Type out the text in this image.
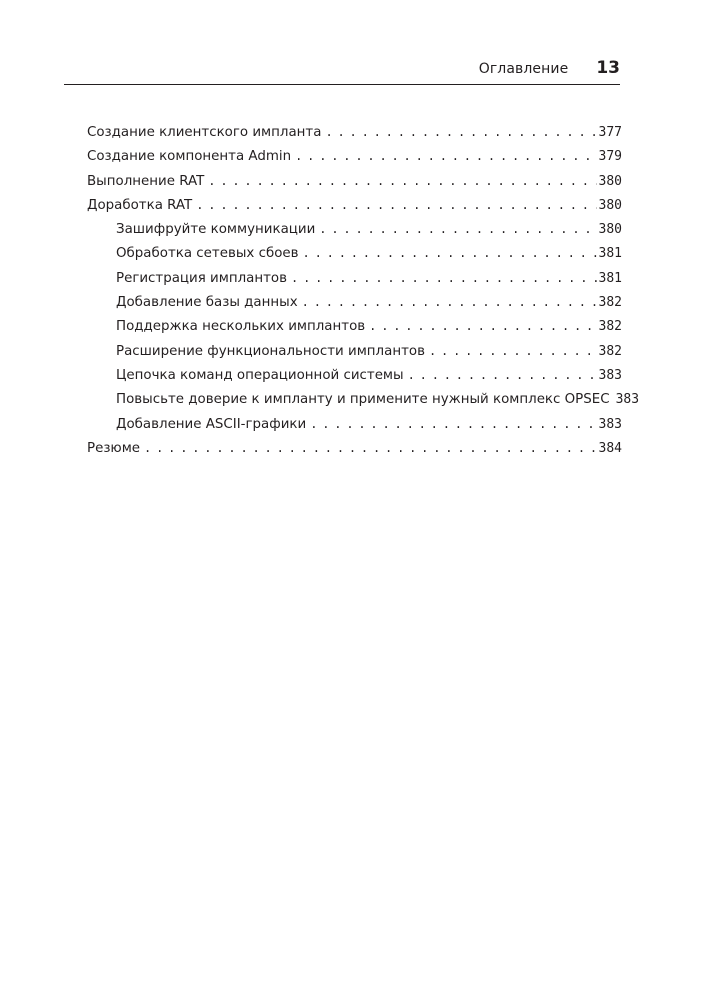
Оглавление 13
Создание клиентского импланта . . .	377
Создание компонента Admin . . .	379
Выполнение RAT . . .	380
Доработка RAT . . .	380
Зашифруйте коммуникации . . .	380
Обработка сетевых сбоев . . .	381
Регистрация имплантов . . .	381
Добавление базы данных . . .	382
Поддержка нескольких имплантов . . .	382
Расширение функциональности имплантов . . .	382
Цепочка команд операционной системы . . .	383
Повысьте доверие к импланту и примените нужный комплекс OPSEC 383
Добавление ASCII-графики . . .	383
Резюме . . .	384
